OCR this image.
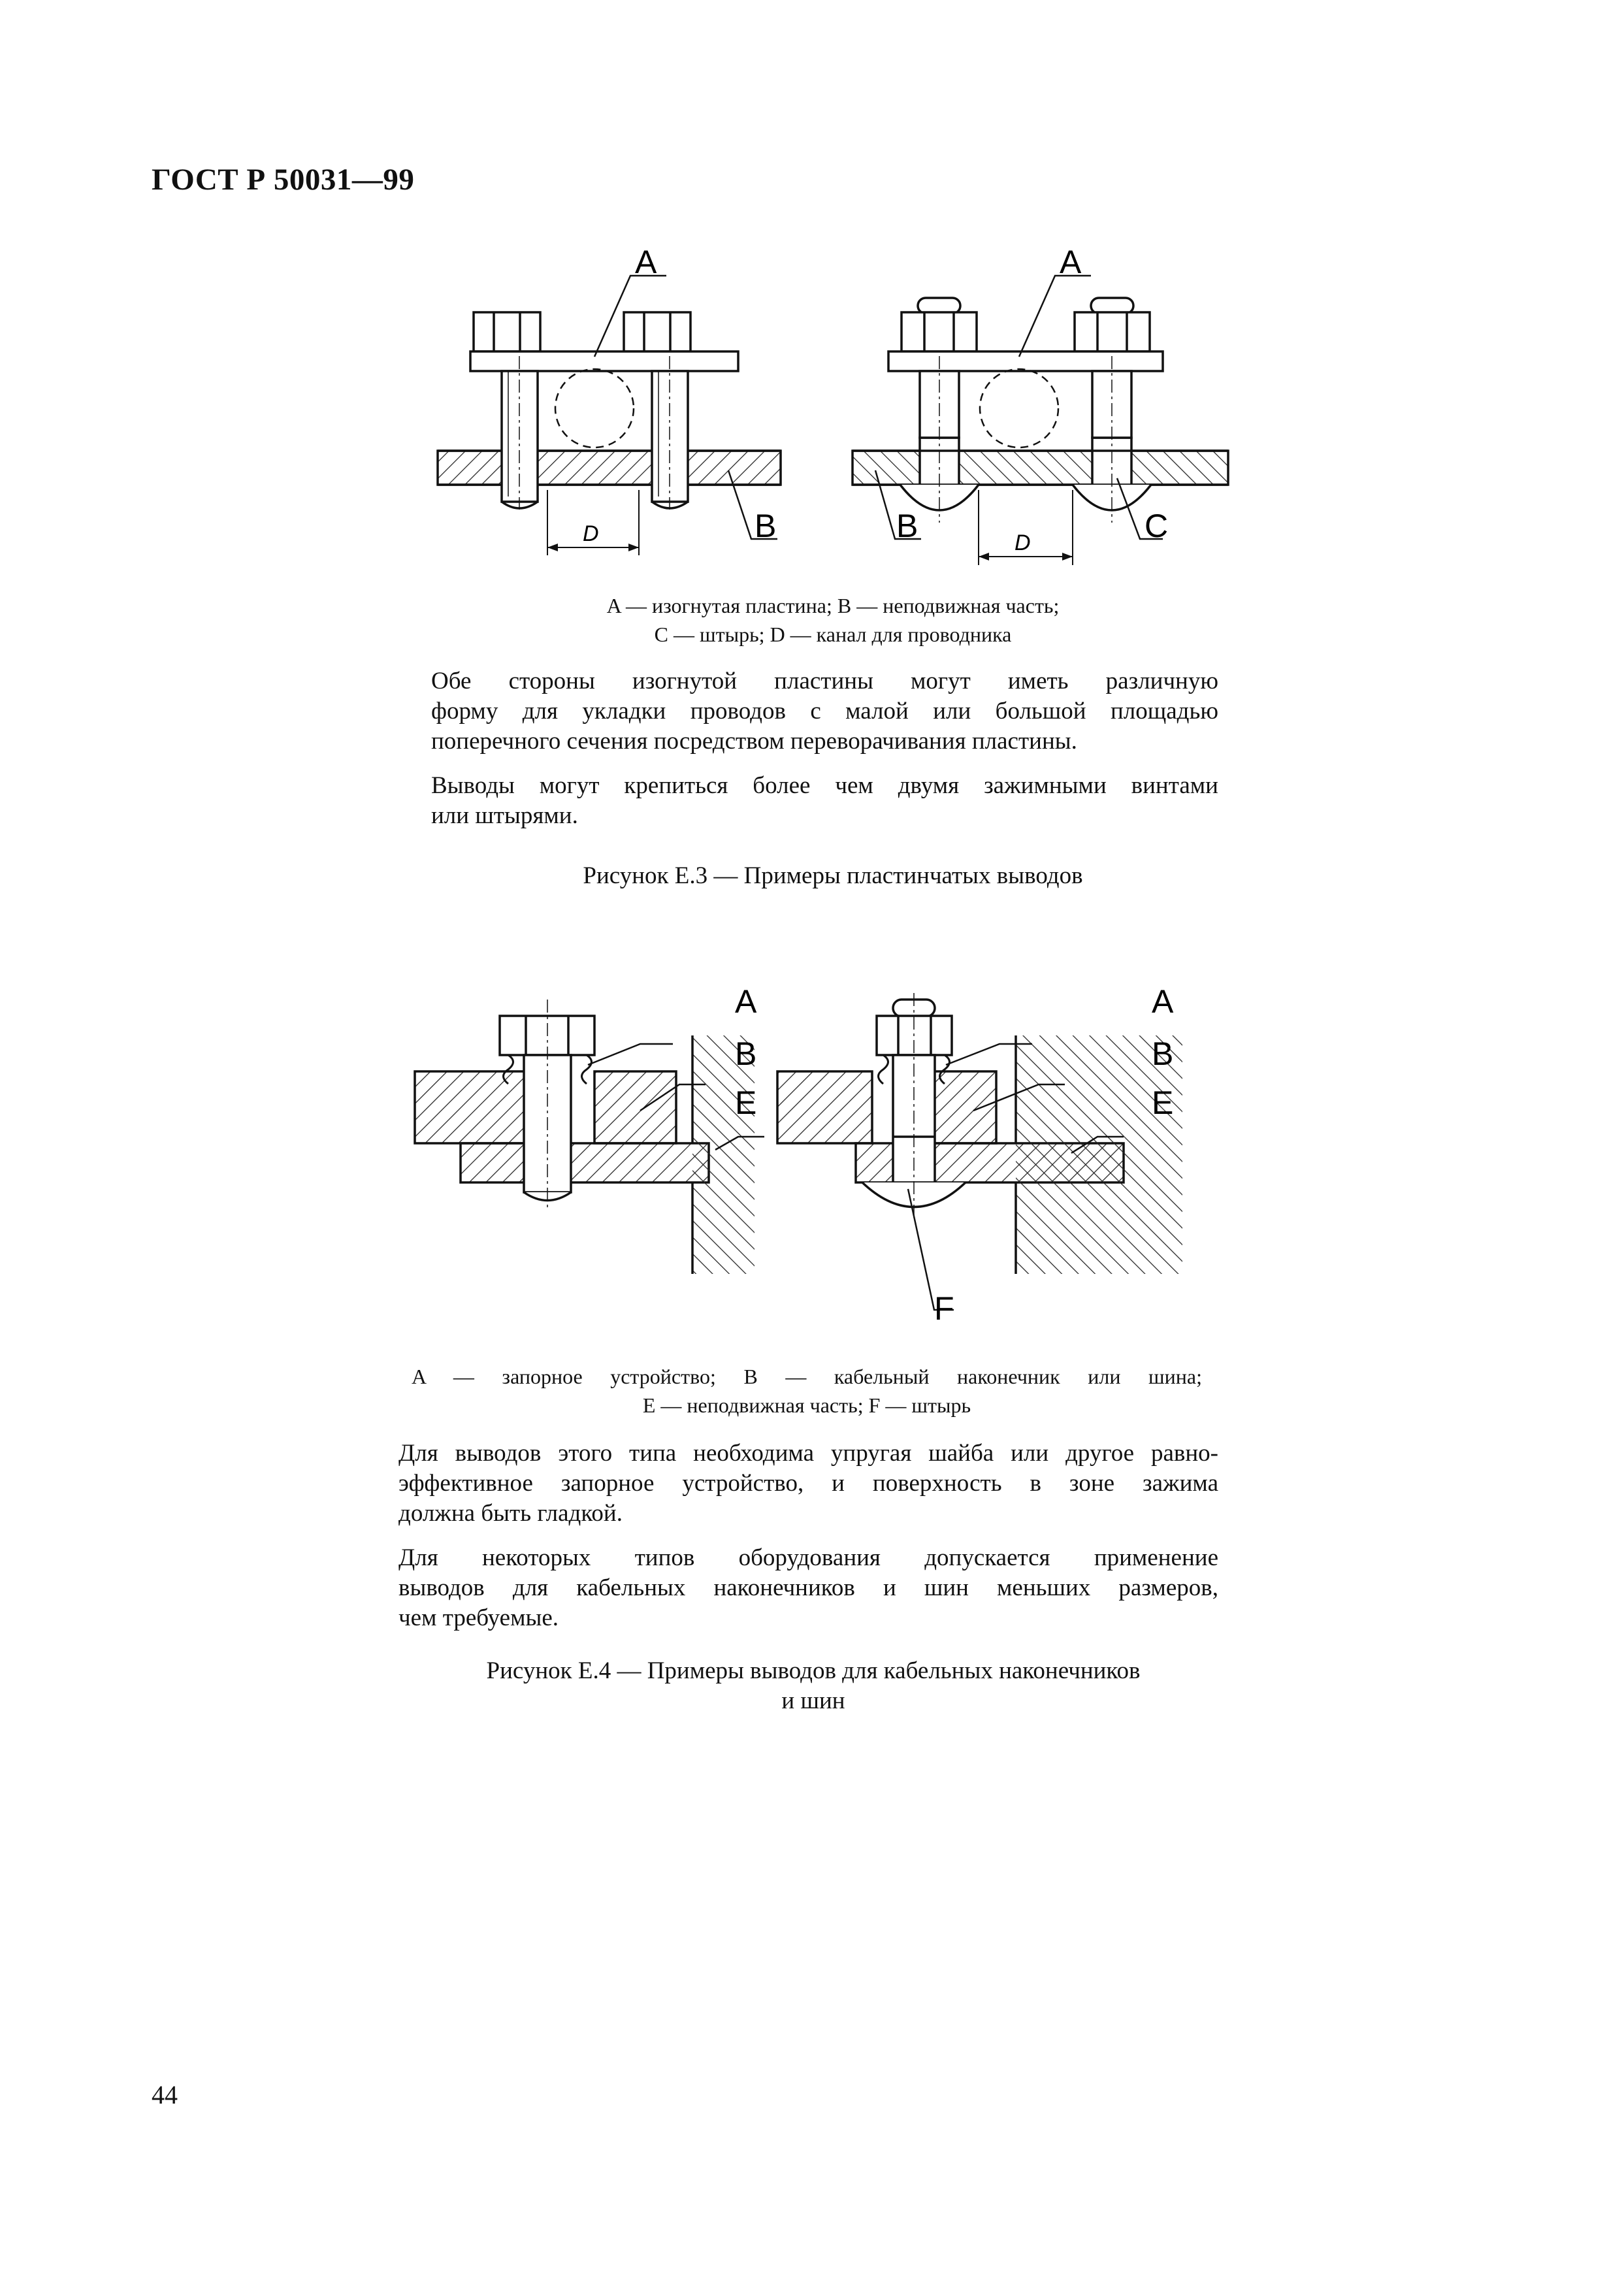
ГОСТ Р 50031—99
A
B
D
A
B	C
D
A — изогнутая пластина; B — неподвижная часть;
C — штырь; D — канал для проводника
Обе стороны изогнутой пластины могут иметь различную
форму для укладки проводов с малой или большой площадью
поперечного сечения посредством переворачивания пластины.
Выводы могут крепиться более чем двумя зажимными винтами
или штырями.
Рисунок Е.3 — Примеры пластинчатых выводов
A
B
E
A
B
E
F
A — запорное устройство; B — кабельный наконечник или шина;
E — неподвижная часть; F — штырь
Для выводов этого типа необходима упругая шайба или другое равно-
эффективное запорное устройство, и поверхность в зоне зажима
должна быть гладкой.
Для некоторых типов оборудования допускается применение
выводов для кабельных наконечников и шин меньших размеров,
чем требуемые.
Рисунок Е.4 — Примеры выводов для кабельных наконечников
и шин
44
